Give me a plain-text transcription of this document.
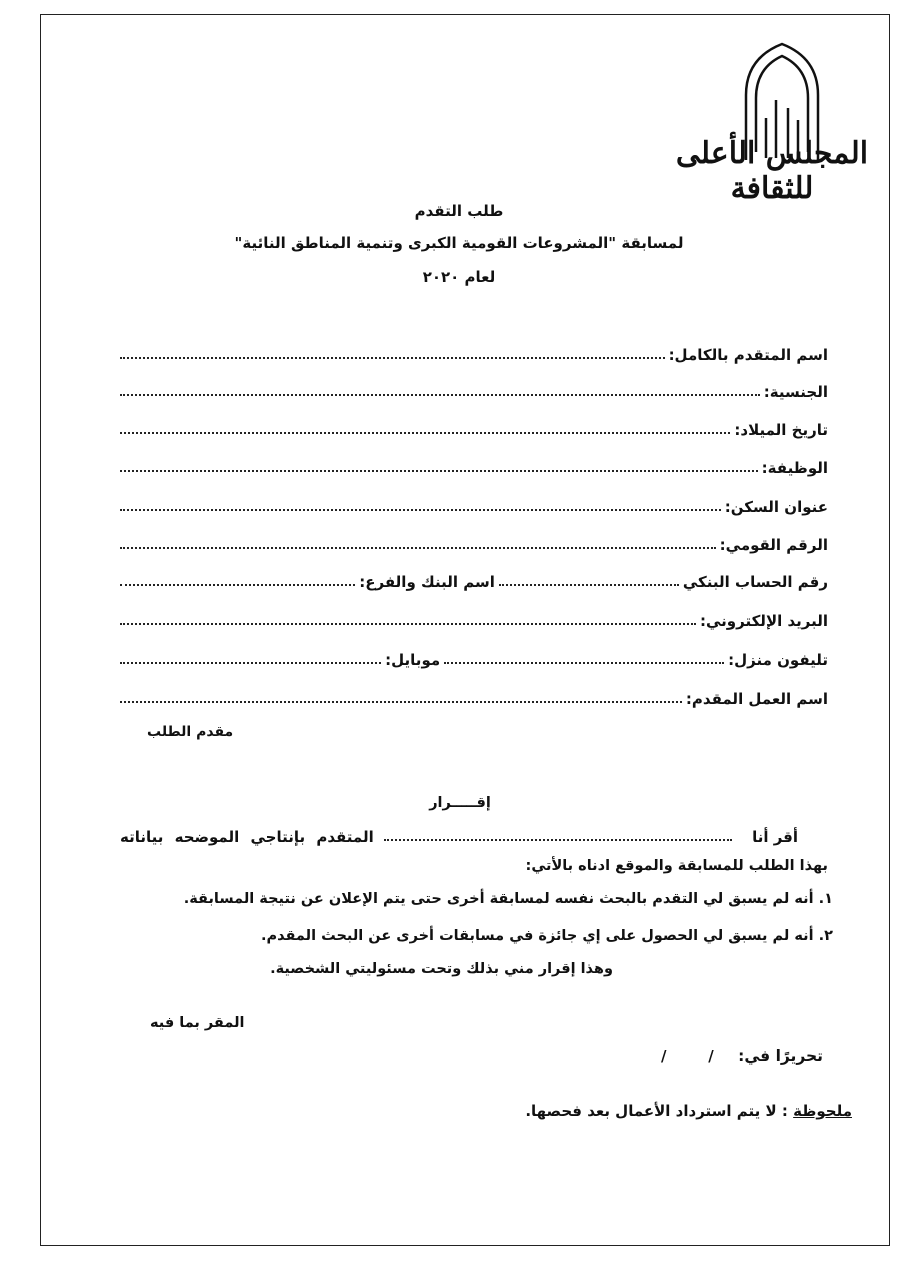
المجلس الأعلى للثقافة
طلب التقدم
لمسابقة "المشروعات القومية الكبرى وتنمية المناطق النائية"
لعام ٢٠٢٠
اسم المتقدم بالكامل:
الجنسية:
تاريخ الميلاد:
الوظيفة:
عنوان السكن:
الرقم القومي:
رقم الحساب البنكي
اسم البنك والفرع:
البريد الإلكتروني:
تليفون منزل:
موبايل:
اسم العمل المقدم:
مقدم الطلب
إقـــــرار
أقر أنا
المتقدم بإنتاجي الموضحه بياناته
بهذا الطلب للمسابقة والموقع ادناه بالأتي:
١. أنه لم يسبق لي التقدم بالبحث نفسه لمسابقة أخرى حتى يتم الإعلان عن نتيجة المسابقة.
٢. أنه لم يسبق لي الحصول على إي جائزة في مسابقات أخرى عن البحث المقدم.
وهذا إقرار مني بذلك وتحت مسئوليتي الشخصية.
المقر بما فيه
تحريرًا في:
/        /
ملحوظة : لا يتم استرداد الأعمال بعد فحصها.
